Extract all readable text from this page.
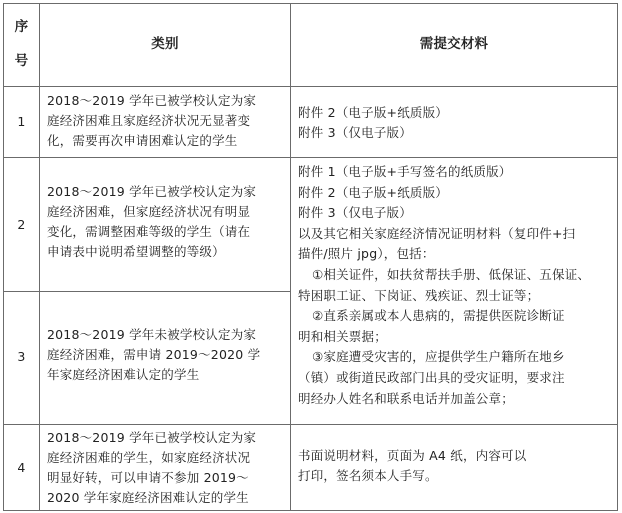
序
号
类别	需提交材料
1

2018～2019 学年已被学校认定为家

庭经济困难且家庭经济状况无显著变

化，需要再次申请困难认定的学生

附件 2（电子版+纸质版）

附件 3（仅电子版）

2

2018～2019 学年已被学校认定为家

庭经济困难，但家庭经济状况有明显

变化，需调整困难等级的学生（请在

申请表中说明希望调整的等级）

3

2018～2019 学年未被学校认定为家

庭经济困难，需申请 2019～2020 学

年家庭经济困难认定的学生

附件 1（电子版+手写签名的纸质版）

附件 2（电子版+纸质版）

附件 3（仅电子版）

以及其它相关家庭经济情况证明材料（复印件+扫

描件/照片 jpg），包括：

①相关证件，如扶贫帮扶手册、低保证、五保证、

特困职工证、下岗证、残疾证、烈士证等；

②直系亲属或本人患病的，需提供医院诊断证

明和相关票据；

③家庭遭受灾害的，应提供学生户籍所在地乡

（镇）或街道民政部门出具的受灾证明，要求注

明经办人姓名和联系电话并加盖公章；

4

2018～2019 学年已被学校认定为家

庭经济困难的学生，如家庭经济状况

明显好转，可以申请不参加 2019～

2020 学年家庭经济困难认定的学生

书面说明材料，页面为 A4 纸，内容可以

打印，签名须本人手写。
